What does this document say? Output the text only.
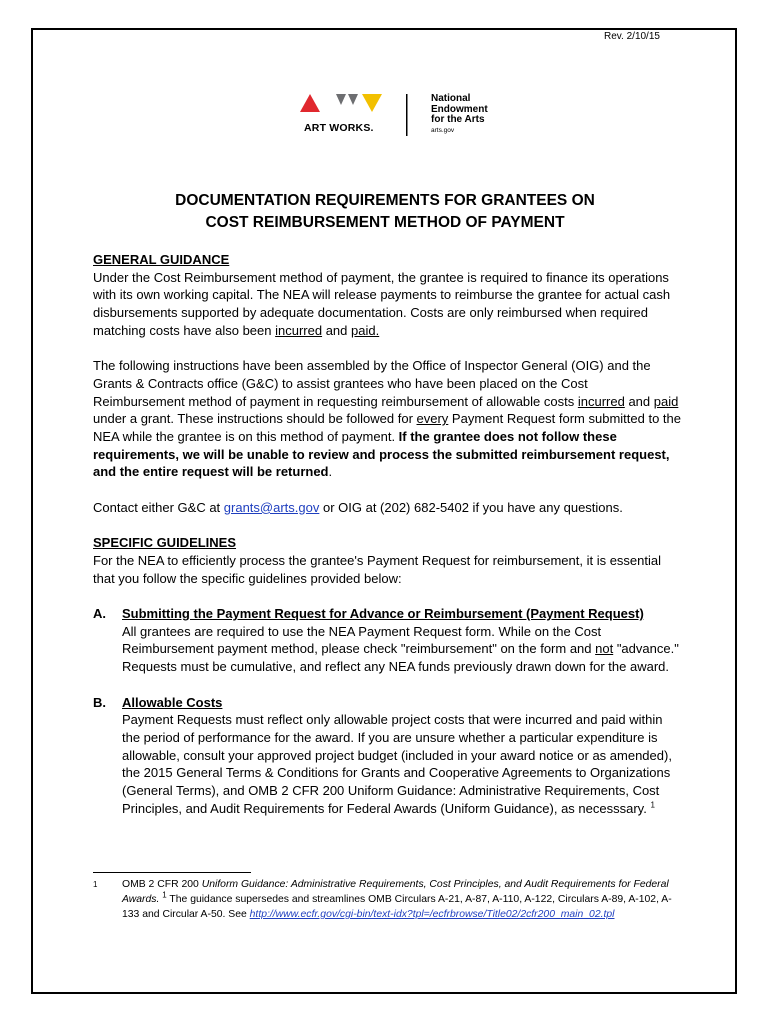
Rev. 2/10/15
ART WORKS.
National
Endowment
for the Arts
arts.gov
DOCUMENTATION REQUIREMENTS FOR GRANTEES ON
COST REIMBURSEMENT METHOD OF PAYMENT

GENERAL GUIDANCE

Under the Cost Reimbursement method of payment, the grantee is required to finance its operations with its own working capital. The NEA will release payments to reimburse the grantee for actual cash disbursements supported by adequate documentation. Costs are only reimbursed when required matching costs have also been incurred and paid.

The following instructions have been assembled by the Office of Inspector General (OIG) and the Grants & Contracts office (G&C) to assist grantees who have been placed on the Cost Reimbursement method of payment in requesting reimbursement of allowable costs incurred and paid under a grant. These instructions should be followed for every Payment Request form submitted to the NEA while the grantee is on this method of payment. If the grantee does not follow these requirements, we will be unable to review and process the submitted reimbursement request, and the entire request will be returned.

Contact either G&C at grants@arts.gov or OIG at (202) 682-5402 if you have any questions.

SPECIFIC GUIDELINES

For the NEA to efficiently process the grantee's Payment Request for reimbursement, it is essential that you follow the specific guidelines provided below:

A. Submitting the Payment Request for Advance or Reimbursement (Payment Request)

All grantees are required to use the NEA Payment Request form. While on the Cost Reimbursement payment method, please check "reimbursement" on the form and not "advance." Requests must be cumulative, and reflect any NEA funds previously drawn down for the award.

B. Allowable Costs

Payment Requests must reflect only allowable project costs that were incurred and paid within the period of performance for the award. If you are unsure whether a particular expenditure is allowable, consult your approved project budget (included in your award notice or as amended), the 2015 General Terms & Conditions for Grants and Cooperative Agreements to Organizations (General Terms), and OMB 2 CFR 200 Uniform Guidance: Administrative Requirements, Cost Principles, and Audit Requirements for Federal Awards (Uniform Guidance), as necesssary. $^1$

1	OMB 2 CFR 200 Uniform Guidance: Administrative Requirements, Cost Principles, and Audit Requirements for Federal Awards. $^1$ The guidance supersedes and streamlines OMB Circulars A-21, A-87, A-110, A-122, Circulars A-89, A-102, A-133 and Circular A-50. See http://www.ecfr.gov/cgi-bin/text-idx?tpl=/ecfrbrowse/Title02/2cfr200_main_02.tpl
